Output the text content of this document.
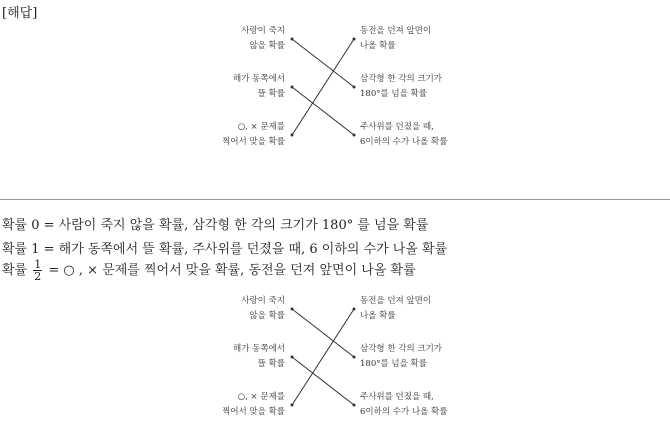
[해답]
사랑이 죽지
않을 확률
해가 동쪽에서
뜰 확률
○, × 문제를
찍어서 맞을 확률
동전을 던져 앞면이
나올 확률
삼각형 한 각의 크기가
180°를 넘을 확률
주사위를 던졌을 때,
6이하의 수가 나올 확률
확률 0 = 사람이 죽지 않을 확률, 삼각형 한 각의 크기가 180° 를 넘을 확률
확률 1 = 해가 동쪽에서 뜰 확률, 주사위를 던졌을 때, 6 이하의 수가 나올 확률
확률 $\frac{1}{2}$ = ○ , × 문제를 찍어서 맞을 확률, 동전을 던져 앞면이 나올 확률
사랑이 죽지
않을 확률
해가 동쪽에서
뜰 확률
○, × 문제를
찍어서 맞을 확률
동전을 던져 앞면이
나올 확률
삼각형 한 각의 크기가
180°를 넘을 확률
주사위를 던졌을 때,
6이하의 수가 나올 확률
